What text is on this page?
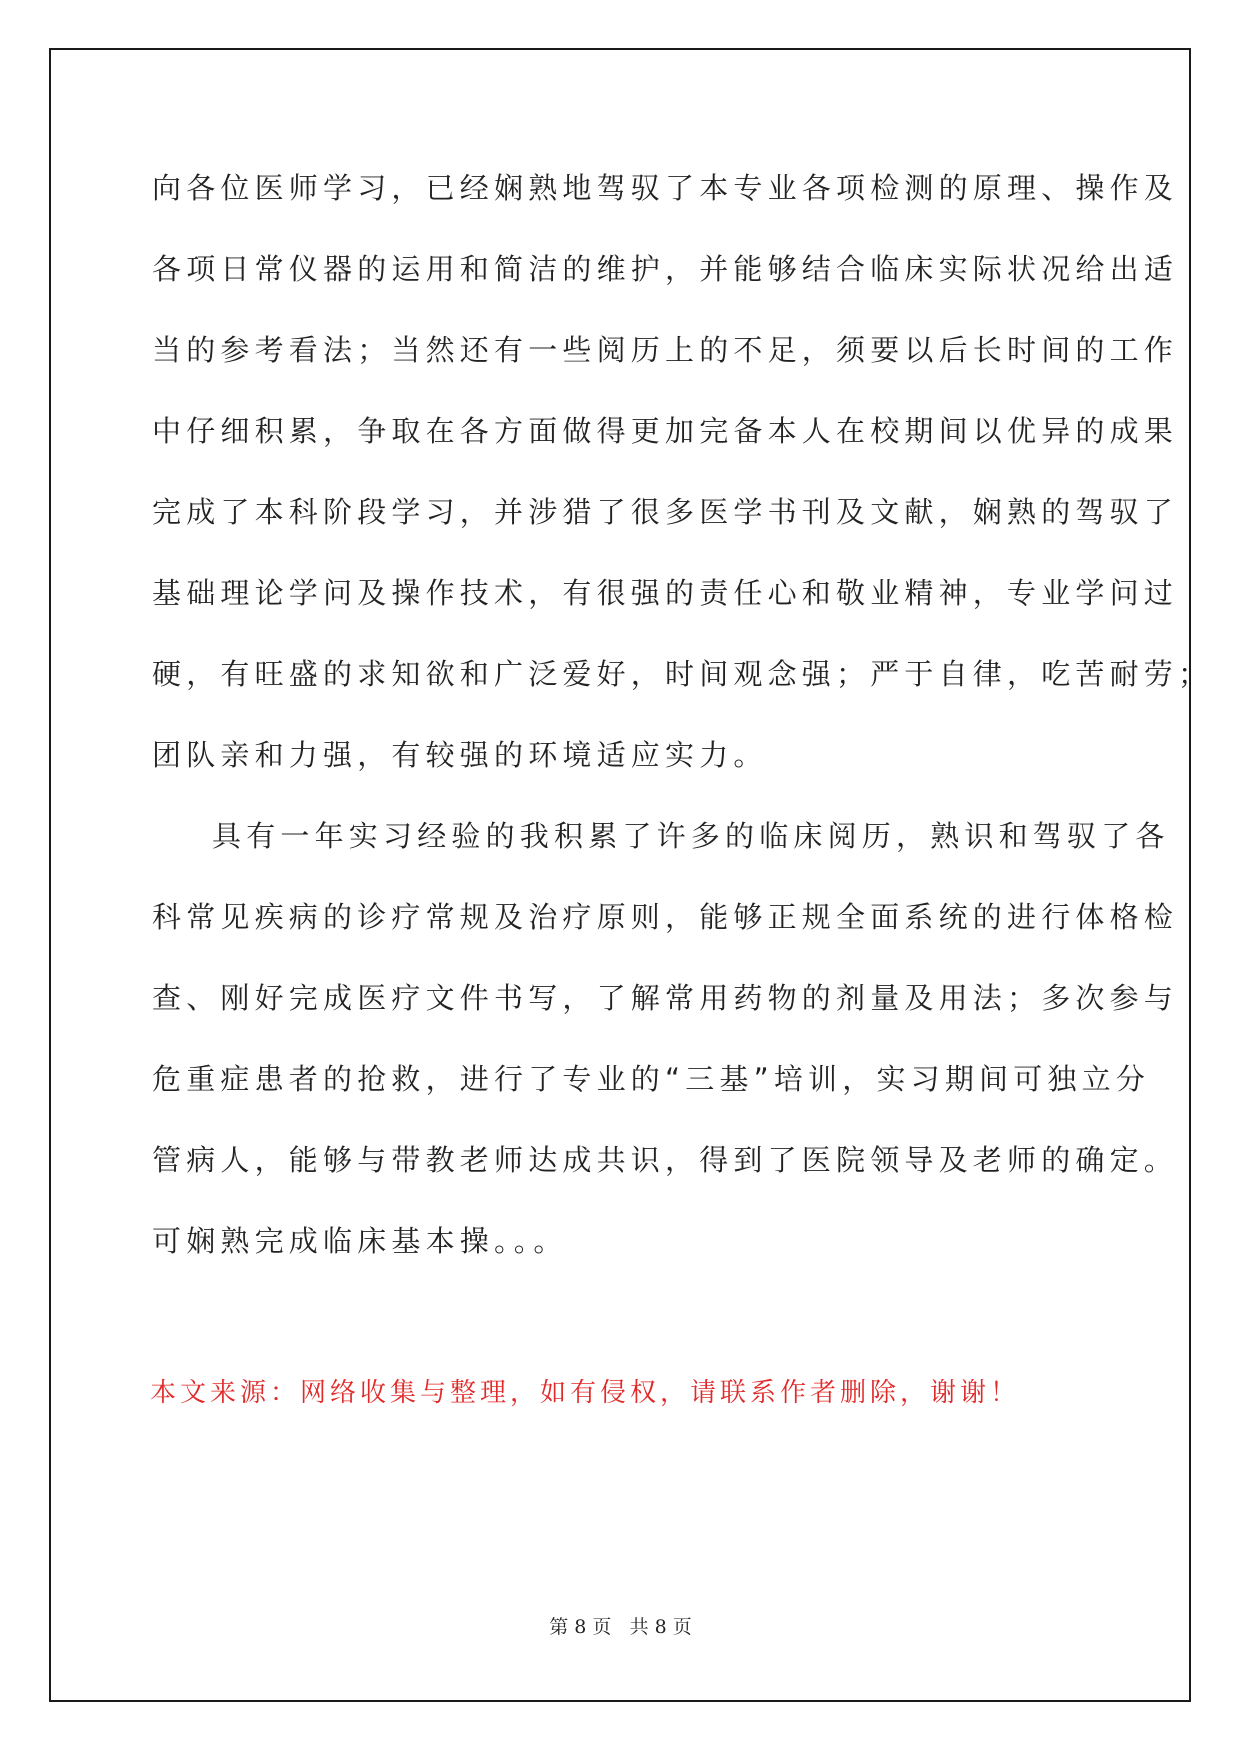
向各位医师学习，已经娴熟地驾驭了本专业各项检测的原理、操作及
各项日常仪器的运用和简洁的维护，并能够结合临床实际状况给出适
当的参考看法；当然还有一些阅历上的不足，须要以后长时间的工作
中仔细积累，争取在各方面做得更加完备本人在校期间以优异的成果
完成了本科阶段学习，并涉猎了很多医学书刊及文献，娴熟的驾驭了
基础理论学问及操作技术，有很强的责任心和敬业精神，专业学问过
硬，有旺盛的求知欲和广泛爱好，时间观念强；严于自律，吃苦耐劳；
团队亲和力强，有较强的环境适应实力。
具有一年实习经验的我积累了许多的临床阅历，熟识和驾驭了各
科常见疾病的诊疗常规及治疗原则，能够正规全面系统的进行体格检
查、刚好完成医疗文件书写，了解常用药物的剂量及用法；多次参与
危重症患者的抢救，进行了专业的“三基”培训，实习期间可独立分
管病人，能够与带教老师达成共识，得到了医院领导及老师的确定。
可娴熟完成临床基本操。。。

本文来源：网络收集与整理，如有侵权，请联系作者删除，谢谢！

第 8 页 共 8 页
